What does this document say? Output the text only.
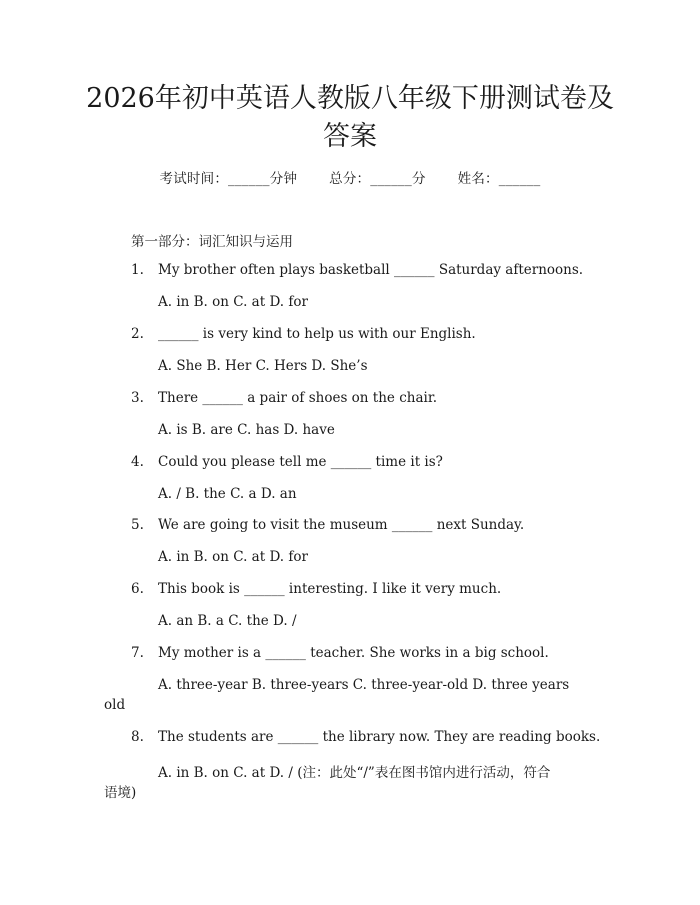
2026年初中英语人教版八年级下册测试卷及
答案
考试时间：______分钟 总分：______分 姓名：______
第一部分：词汇知识与运用
1. My brother often plays basketball ______ Saturday afternoons.
A. in B. on C. at D. for
2. ______ is very kind to help us with our English.
A. She B. Her C. Hers D. She’s
3. There ______ a pair of shoes on the chair.
A. is B. are C. has D. have
4. Could you please tell me ______ time it is?
A. / B. the C. a D. an
5. We are going to visit the museum ______ next Sunday.
A. in B. on C. at D. for
6. This book is ______ interesting. I like it very much.
A. an B. a C. the D. /
7. My mother is a ______ teacher. She works in a big school.
A. three-year B. three-years C. three-year-old D. three years
old
8. The students are ______ the library now. They are reading books.
A. in B. on C. at D. / (注：此处“/”表在图书馆内进行活动，符合
语境)
